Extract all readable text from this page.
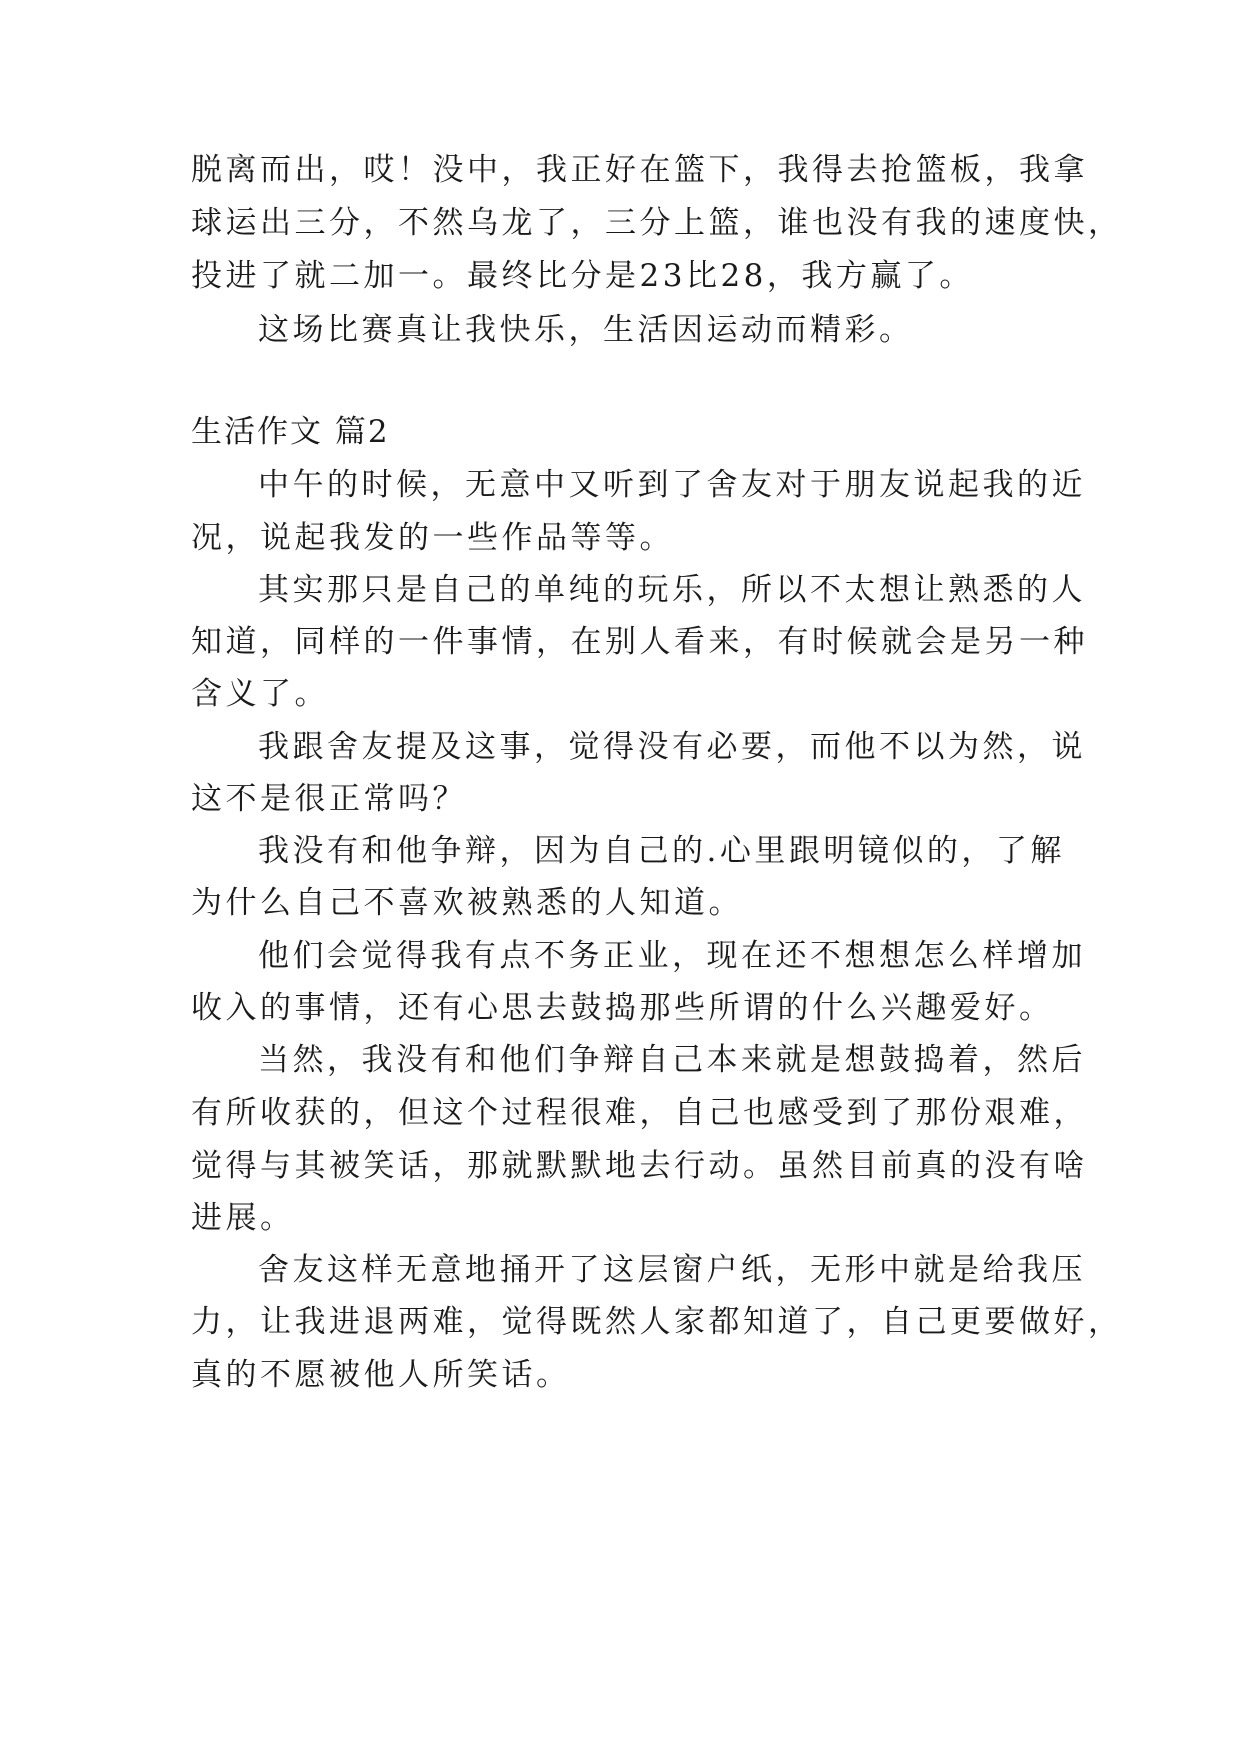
脱离而出，哎！没中，我正好在篮下，我得去抢篮板，我拿
球运出三分，不然乌龙了，三分上篮，谁也没有我的速度快，
投进了就二加一。最终比分是23比28，我方赢了。
这场比赛真让我快乐，生活因运动而精彩。
生活作文 篇2
中午的时候，无意中又听到了舍友对于朋友说起我的近
况，说起我发的一些作品等等。
其实那只是自己的单纯的玩乐，所以不太想让熟悉的人
知道，同样的一件事情，在别人看来，有时候就会是另一种
含义了。
我跟舍友提及这事，觉得没有必要，而他不以为然，说
这不是很正常吗？
我没有和他争辩，因为自己的.心里跟明镜似的，了解
为什么自己不喜欢被熟悉的人知道。
他们会觉得我有点不务正业，现在还不想想怎么样增加
收入的事情，还有心思去鼓捣那些所谓的什么兴趣爱好。
当然，我没有和他们争辩自己本来就是想鼓捣着，然后
有所收获的，但这个过程很难，自己也感受到了那份艰难，
觉得与其被笑话，那就默默地去行动。虽然目前真的没有啥
进展。
舍友这样无意地捅开了这层窗户纸，无形中就是给我压
力，让我进退两难，觉得既然人家都知道了，自己更要做好，
真的不愿被他人所笑话。
